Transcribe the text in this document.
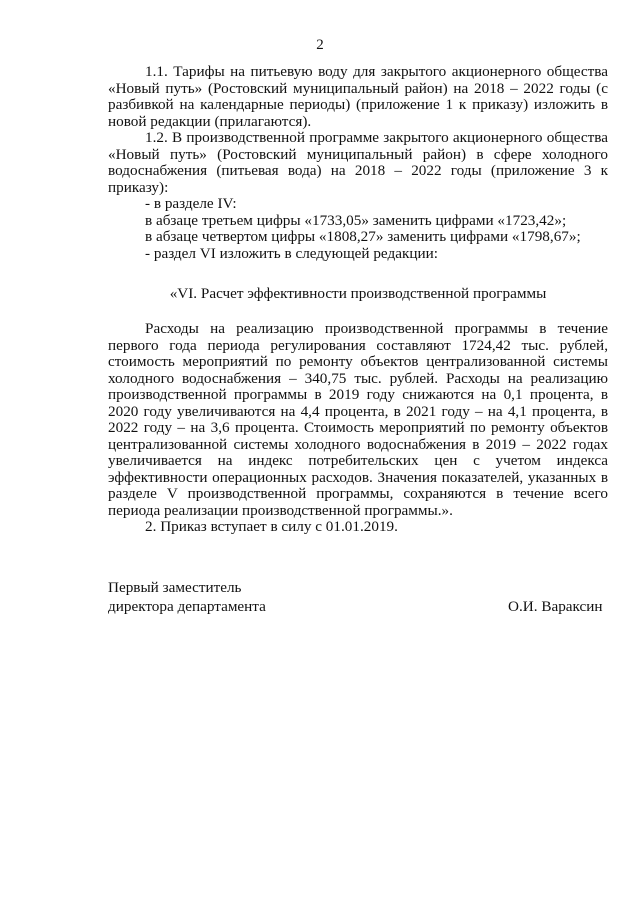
2

1.1. Тарифы на питьевую воду для закрытого акционерного общества «Новый путь» (Ростовский муниципальный район) на 2018 – 2022 годы (с разбивкой на календарные периоды) (приложение 1 к приказу) изложить в новой редакции (прилагаются).

1.2. В производственной программе закрытого акционерного общества «Новый путь» (Ростовский муниципальный район) в сфере холодного водоснабжения (питьевая вода) на 2018 – 2022 годы (приложение 3 к приказу):

- в разделе IV:

в абзаце третьем цифры «1733,05» заменить цифрами «1723,42»;

в абзаце четвертом цифры «1808,27» заменить цифрами «1798,67»;

- раздел VI изложить в следующей редакции:

«VI. Расчет эффективности производственной программы

Расходы на реализацию производственной программы в течение первого года периода регулирования составляют 1724,42 тыс. рублей, стоимость мероприятий по ремонту объектов централизованной системы холодного водоснабжения – 340,75 тыс. рублей. Расходы на реализацию производственной программы в 2019 году снижаются на 0,1 процента, в 2020 году увеличиваются на 4,4 процента, в 2021 году – на 4,1 процента, в 2022 году – на 3,6 процента. Стоимость мероприятий по ремонту объектов централизованной системы холодного водоснабжения в 2019 – 2022 годах увеличивается на индекс потребительских цен с учетом индекса эффективности операционных расходов. Значения показателей, указанных в разделе V производственной программы, сохраняются в течение всего периода реализации производственной программы.».

2. Приказ вступает в силу с 01.01.2019.

Первый заместитель
директора департамента	О.И. Вараксин
